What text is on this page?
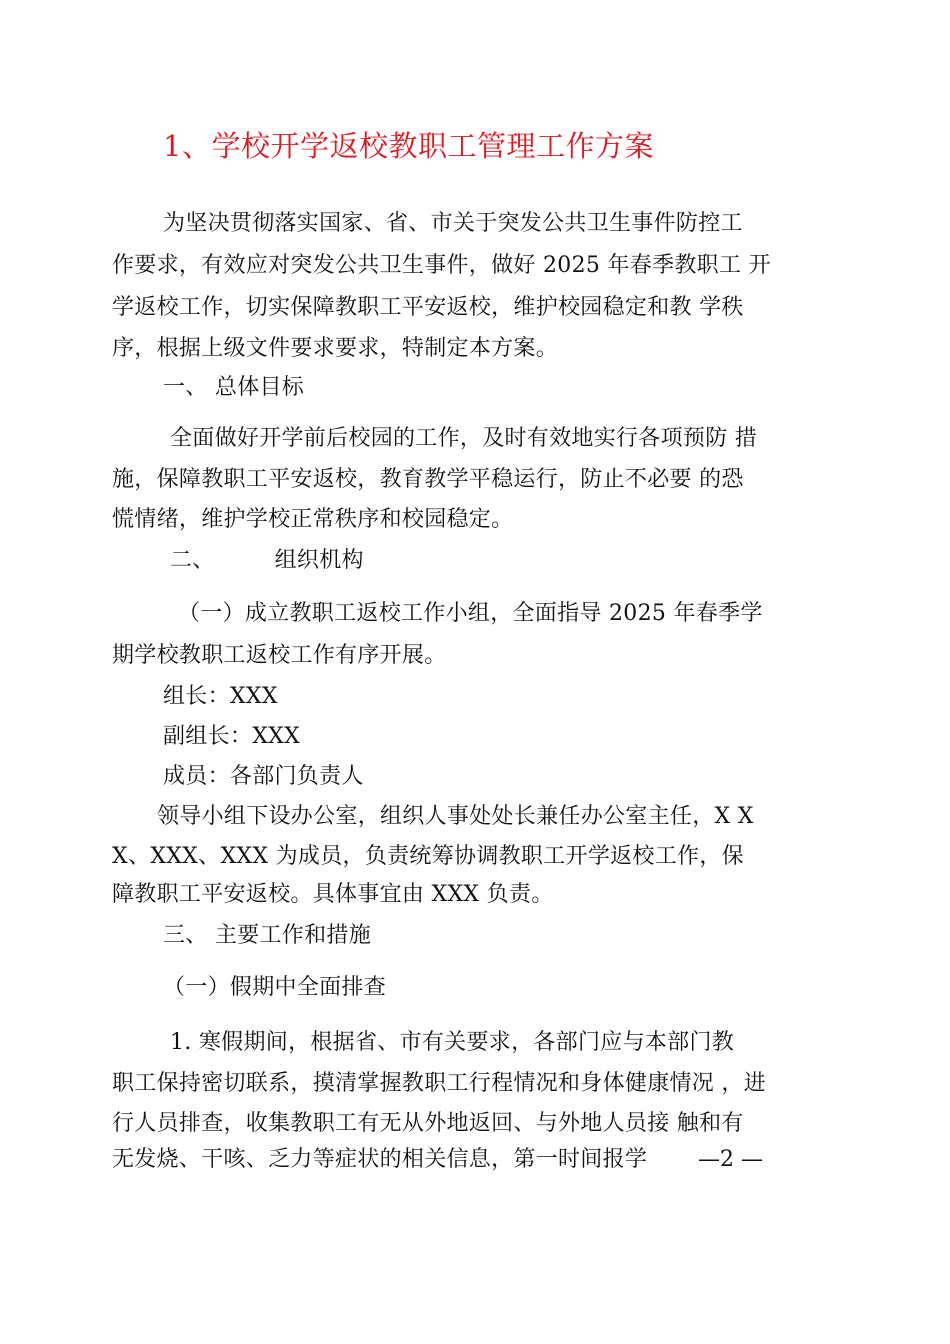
1、学校开学返校教职工管理工作方案
为坚决贯彻落实国家、省、市关于突发公共卫生事件防控工
作要求，有效应对突发公共卫生事件，做好 2025 年春季教职工 开
学返校工作，切实保障教职工平安返校，维护校园稳定和教 学秩
序，根据上级文件要求要求，特制定本方案。
一、 总体目标
全面做好开学前后校园的工作，及时有效地实行各项预防 措
施，保障教职工平安返校，教育教学平稳运行，防止不必要 的恐
慌情绪，维护学校正常秩序和校园稳定。
二、	组织机构
（一）成立教职工返校工作小组，全面指导 2025 年春季学
期学校教职工返校工作有序开展。
组长：XXX
副组长：XXX
成员：各部门负责人
领导小组下设办公室，组织人事处处长兼任办公室主任，X X
X、XXX、XXX 为成员，负责统筹协调教职工开学返校工作，保
障教职工平安返校。具体事宜由 XXX 负责。
三、 主要工作和措施
（一）假期中全面排查
1. 寒假期间，根据省、市有关要求，各部门应与本部门教
职工保持密切联系，摸清掌握教职工行程情况和身体健康情况 ，进
行人员排查，收集教职工有无从外地返回、与外地人员接 触和有
无发烧、干咳、乏力等症状的相关信息，第一时间报学 —2 —
